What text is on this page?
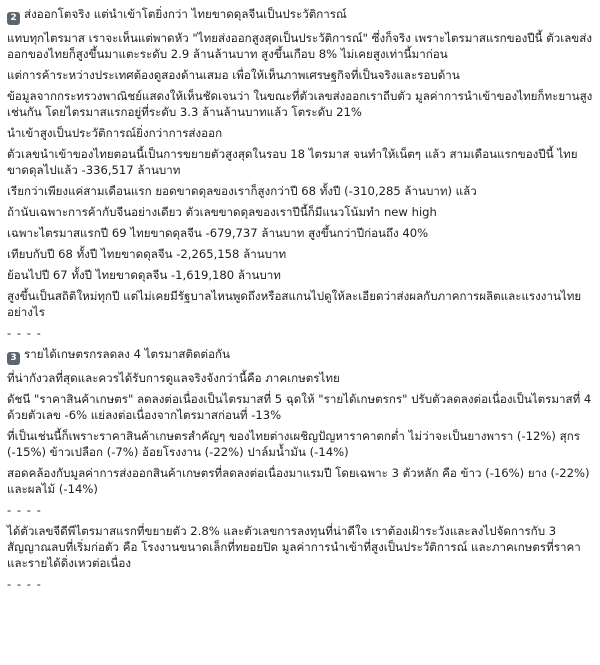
2 ส่งออกโตจริง แต่นำเข้าโตยิ่งกว่า ไทยขาดดุลจีนเป็นประวัติการณ์
แทบทุกไตรมาส เราจะเห็นแต่พาดหัว "ไทยส่งออกสูงสุดเป็นประวัติการณ์" ซึ่งก็จริง เพราะไตรมาสแรกของปีนี้ ตัวเลขส่งออกของไทยก็สูงขึ้นมาแตะระดับ 2.9 ล้านล้านบาท สูงขึ้นเกือบ 8% ไม่เคยสูงเท่านี้มาก่อน
แต่การค้าระหว่างประเทศต้องดูสองด้านเสมอ เพื่อให้เห็นภาพเศรษฐกิจที่เป็นจริงและรอบด้าน
ข้อมูลจากกระทรวงพาณิชย์แสดงให้เห็นชัดเจนว่า ในขณะที่ตัวเลขส่งออกเราถีบตัว มูลค่าการนำเข้าของไทยก็ทะยานสูงเช่นกัน โดยไตรมาสแรกอยู่ที่ระดับ 3.3 ล้านล้านบาทแล้ว โตระดับ 21%
นำเข้าสูงเป็นประวัติการณ์ยิ่งกว่าการส่งออก
ตัวเลขนำเข้าของไทยตอนนี้เป็นการขยายตัวสูงสุดในรอบ 18 ไตรมาส จนทำให้เน็ตๆ แล้ว สามเดือนแรกของปีนี้ ไทยขาดดุลไปแล้ว -336,517 ล้านบาท
เรียกว่าเพียงแค่สามเดือนแรก ยอดขาดดุลของเราก็สูงกว่าปี 68 ทั้งปี (-310,285 ล้านบาท) แล้ว
ถ้านับเฉพาะการค้ากับจีนอย่างเดียว ตัวเลขขาดดุลของเราปีนี้ก็มีแนวโน้มทำ new high
เฉพาะไตรมาสแรกปี 69 ไทยขาดดุลจีน -679,737 ล้านบาท สูงขึ้นกว่าปีก่อนถึง 40%
เทียบกับปี 68 ทั้งปี ไทยขาดดุลจีน -2,265,158 ล้านบาท
ย้อนไปปี 67 ทั้งปี ไทยขาดดุลจีน -1,619,180 ล้านบาท
สูงขึ้นเป็นสถิติใหม่ทุกปี แต่ไม่เคยมีรัฐบาลไหนพูดถึงหรือสแกนไปดูให้ละเอียดว่าส่งผลกับภาคการผลิตและแรงงานไทยอย่างไร
- - - -
3 รายได้เกษตรกรลดลง 4 ไตรมาสติดต่อกัน
ที่น่ากังวลที่สุดและควรได้รับการดูแลจริงจังกว่านี้คือ ภาคเกษตรไทย
ดัชนี "ราคาสินค้าเกษตร" ลดลงต่อเนื่องเป็นไตรมาสที่ 5 ฉุดให้ "รายได้เกษตรกร" ปรับตัวลดลงต่อเนื่องเป็นไตรมาสที่ 4 ด้วยตัวเลข -6% แย่ลงต่อเนื่องจากไตรมาสก่อนที่ -13%
ที่เป็นเช่นนี้ก็เพราะราคาสินค้าเกษตรสำคัญๆ ของไทยต่างเผชิญปัญหาราคาตกต่ำ ไม่ว่าจะเป็นยางพารา (-12%) สุกร (-15%) ข้าวเปลือก (-7%) อ้อยโรงงาน (-22%) ปาล์มน้ำมัน (-14%)
สอดคล้องกับมูลค่าการส่งออกสินค้าเกษตรที่ลดลงต่อเนื่องมาแรมปี โดยเฉพาะ 3 ตัวหลัก คือ ข้าว (-16%) ยาง (-22%) และผลไม้ (-14%)
- - - -
ได้ตัวเลขจีดีพีไตรมาสแรกที่ขยายตัว 2.8% และตัวเลขการลงทุนที่น่าดีใจ เราต้องเฝ้าระวังและลงไปจัดการกับ 3 สัญญาณลบที่เริ่มก่อตัว คือ โรงงานขนาดเล็กที่ทยอยปิด มูลค่าการนำเข้าที่สูงเป็นประวัติการณ์ และภาคเกษตรที่ราคาและรายได้ดิ่งเหวต่อเนื่อง
- - - -
